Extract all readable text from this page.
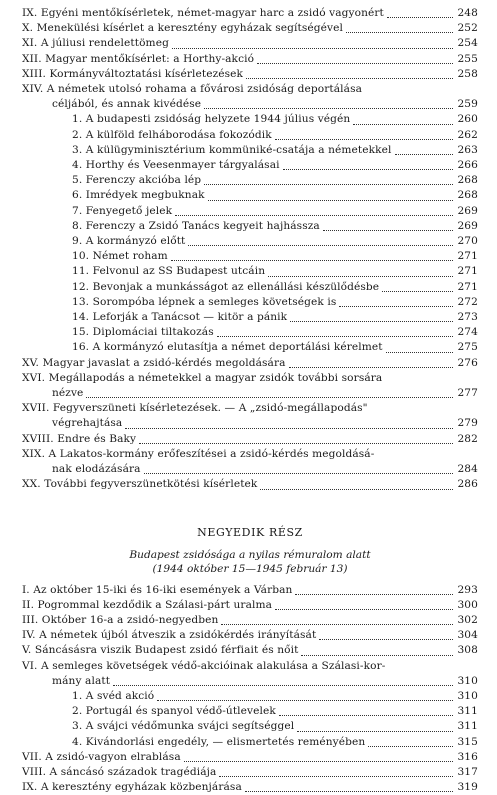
IX. Egyéni mentőkísérletek, német-magyar harc a zsidó vagyonért	248
X. Menekülési kísérlet a keresztény egyházak segítségével	252
XI. A júliusi rendelettömeg	254
XII. Magyar mentőkísérlet: a Horthy-akció	255
XIII. Kormányváltoztatási kísérletezések	258
XIV. A németek utolsó rohama a fővárosi zsidóság deportálása
céljából, és annak kivédése	259
1. A budapesti zsidóság helyzete 1944 július végén	260
2. A külföld felháborodása fokozódik	262
3. A külügyminisztérium kommüniké-csatája a németekkel	263
4. Horthy és Veesenmayer tárgyalásai	266
5. Ferenczy akcióba lép	268
6. Imrédyek megbuknak	268
7. Fenyegető jelek	269
8. Ferenczy a Zsidó Tanács kegyeit hajhássza	269
9. A kormányzó előtt	270
10. Német roham	271
11. Felvonul az SS Budapest utcáin	271
12. Bevonjak a munkásságot az ellenállási készülődésbe	271
13. Sorompóba lépnek a semleges követségek is	272
14. Leforják a Tanácsot — kitör a pánik	273
15. Diplomáciai tiltakozás	274
16. A kormányzó elutasítja a német deportálási kérelmet	275
XV. Magyar javaslat a zsidó-kérdés megoldására	276
XVI. Megállapodás a németekkel a magyar zsidók további sorsára
nézve	277
XVII. Fegyverszüneti kísérletezések. — A „zsidó-megállapodás"
végrehajtása	279
XVIII. Endre és Baky	282
XIX. A Lakatos-kormány erőfeszítései a zsidó-kérdés megoldásá-
nak elodázására	284
XX. További fegyverszünetkötési kísérletek	286
NEGYEDIK RÉSZ
Budapest zsidósága a nyilas rémuralom alatt
(1944 október 15—1945 február 13)
I. Az október 15-iki és 16-iki események a Várban	293
II. Pogrommal kezdődik a Szálasi-párt uralma	300
III. Október 16-a a zsidó-negyedben	302
IV. A németek újból átveszik a zsidókérdés irányítását	304
V. Sáncásásra viszik Budapest zsidó férfiait és nőit	308
VI. A semleges követségek védő-akcióinak alakulása a Szálasi-kor-
mány alatt	310
1. A svéd akció	310
2. Portugál és spanyol védő-útlevelek	311
3. A svájci védőmunka svájci segítséggel	311
4. Kivándorlási engedély, — elismertetés reményében	315
VII. A zsidó-vagyon elrablása	316
VIII. A sáncásó századok tragédiája	317
IX. A keresztény egyházak közbenjárása	319
